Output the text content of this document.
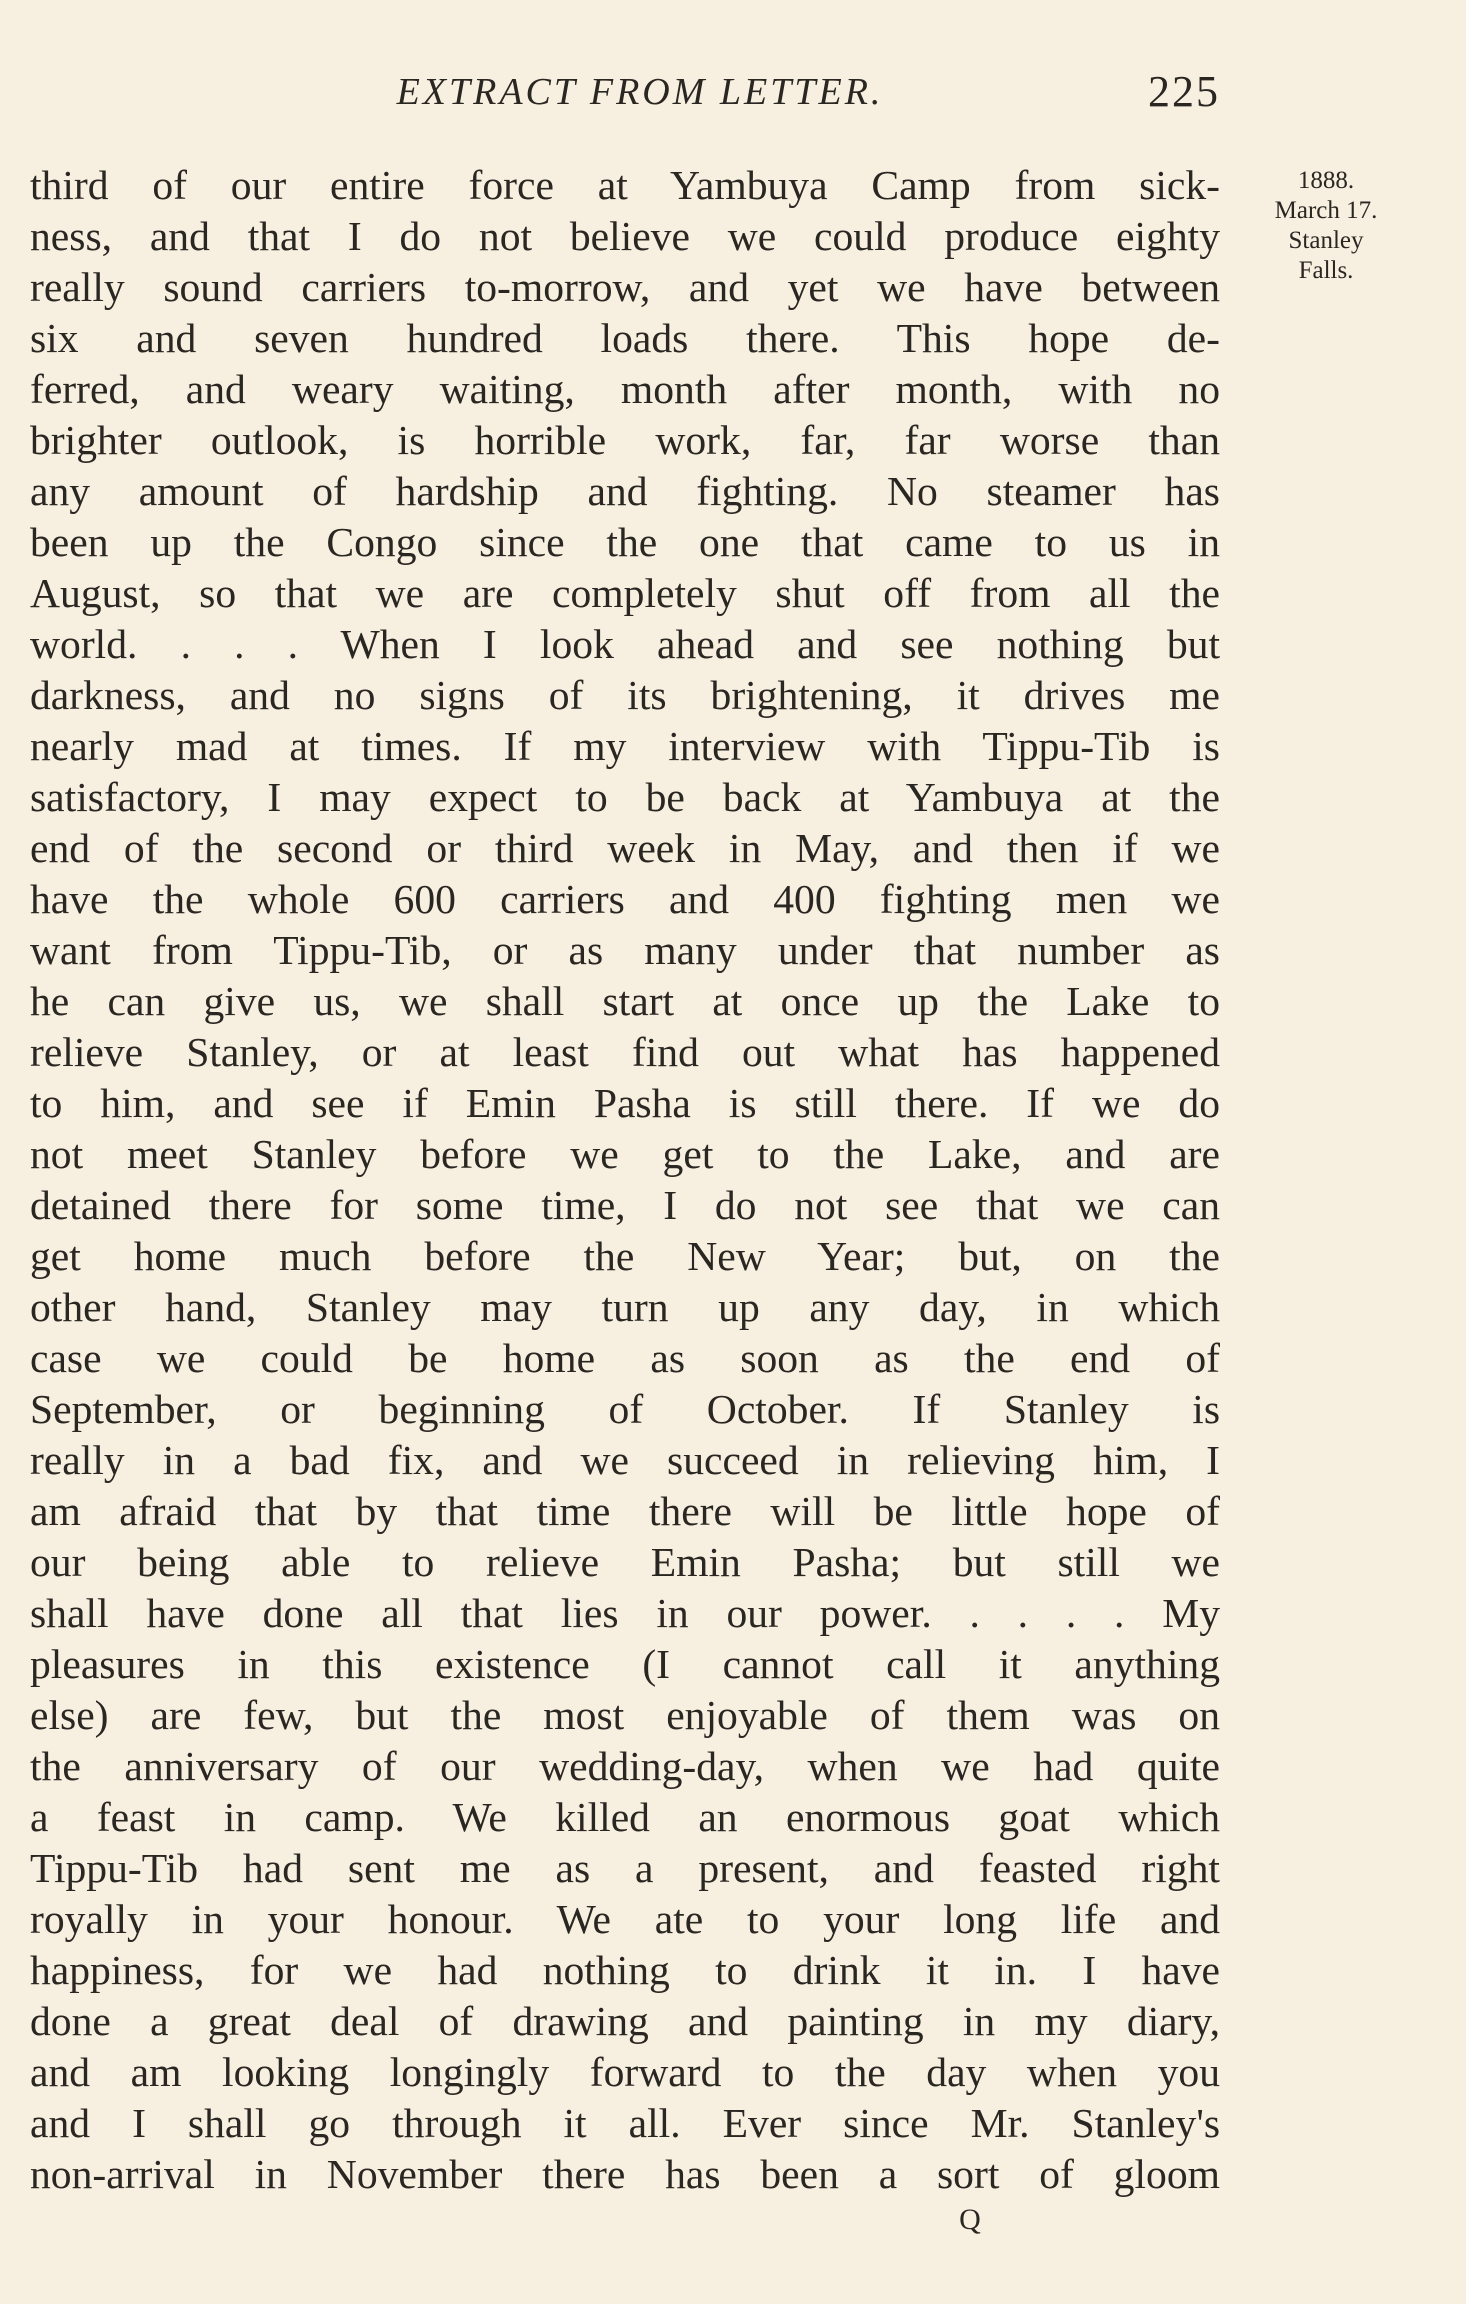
EXTRACT FROM LETTER.	225
1888.
March 17.
Stanley
Falls.
third of our entire force at Yambuya Camp from sick-
ness, and that I do not believe we could produce eighty
really sound carriers to-morrow, and yet we have between
six and seven hundred loads there. This hope de-
ferred, and weary waiting, month after month, with no
brighter outlook, is horrible work, far, far worse than
any amount of hardship and fighting. No steamer has
been up the Congo since the one that came to us in
August, so that we are completely shut off from all the
world. . . . When I look ahead and see nothing but
darkness, and no signs of its brightening, it drives me
nearly mad at times. If my interview with Tippu-Tib is
satisfactory, I may expect to be back at Yambuya at the
end of the second or third week in May, and then if we
have the whole 600 carriers and 400 fighting men we
want from Tippu-Tib, or as many under that number as
he can give us, we shall start at once up the Lake to
relieve Stanley, or at least find out what has happened
to him, and see if Emin Pasha is still there. If we do
not meet Stanley before we get to the Lake, and are
detained there for some time, I do not see that we can
get home much before the New Year; but, on the
other hand, Stanley may turn up any day, in which
case we could be home as soon as the end of
September, or beginning of October. If Stanley is
really in a bad fix, and we succeed in relieving him, I
am afraid that by that time there will be little hope of
our being able to relieve Emin Pasha; but still we
shall have done all that lies in our power. . . . . My
pleasures in this existence (I cannot call it anything
else) are few, but the most enjoyable of them was on
the anniversary of our wedding-day, when we had quite
a feast in camp. We killed an enormous goat which
Tippu-Tib had sent me as a present, and feasted right
royally in your honour. We ate to your long life and
happiness, for we had nothing to drink it in. I have
done a great deal of drawing and painting in my diary,
and am looking longingly forward to the day when you
and I shall go through it all. Ever since Mr. Stanley's
non-arrival in November there has been a sort of gloom
Q
